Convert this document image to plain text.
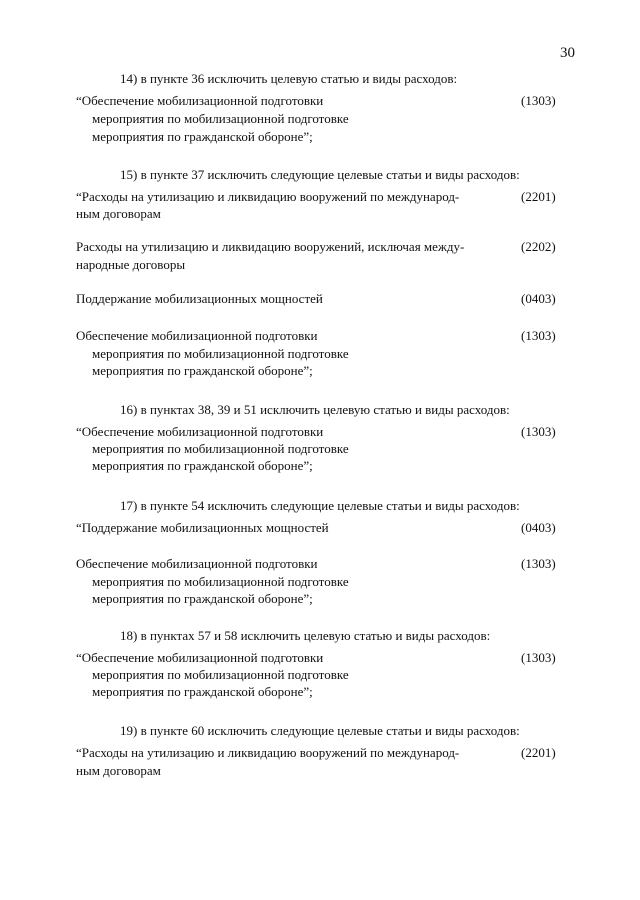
30
14) в пункте 36 исключить целевую статью и виды расходов:
“Обеспечение мобилизационной подготовки	(1303)
мероприятия по мобилизационной подготовке
мероприятия по гражданской обороне”;
15) в пункте 37 исключить следующие целевые статьи и виды расходов:
“Расходы на утилизацию и ликвидацию вооружений по международ-	(2201)
ным договорам
Расходы на утилизацию и ликвидацию вооружений, исключая между-	(2202)
народные договоры
Поддержание мобилизационных мощностей	(0403)
Обеспечение мобилизационной подготовки	(1303)
мероприятия по мобилизационной подготовке
мероприятия по гражданской обороне”;
16) в пунктах 38, 39 и 51 исключить целевую статью и виды расходов:
“Обеспечение мобилизационной подготовки	(1303)
мероприятия по мобилизационной подготовке
мероприятия по гражданской обороне”;
17) в пункте 54 исключить следующие целевые статьи и виды расходов:
“Поддержание мобилизационных мощностей	(0403)
Обеспечение мобилизационной подготовки	(1303)
мероприятия по мобилизационной подготовке
мероприятия по гражданской обороне”;
18) в пунктах 57 и 58 исключить целевую статью и виды расходов:
“Обеспечение мобилизационной подготовки	(1303)
мероприятия по мобилизационной подготовке
мероприятия по гражданской обороне”;
19) в пункте 60 исключить следующие целевые статьи и виды расходов:
“Расходы на утилизацию и ликвидацию вооружений по международ-	(2201)
ным договорам
